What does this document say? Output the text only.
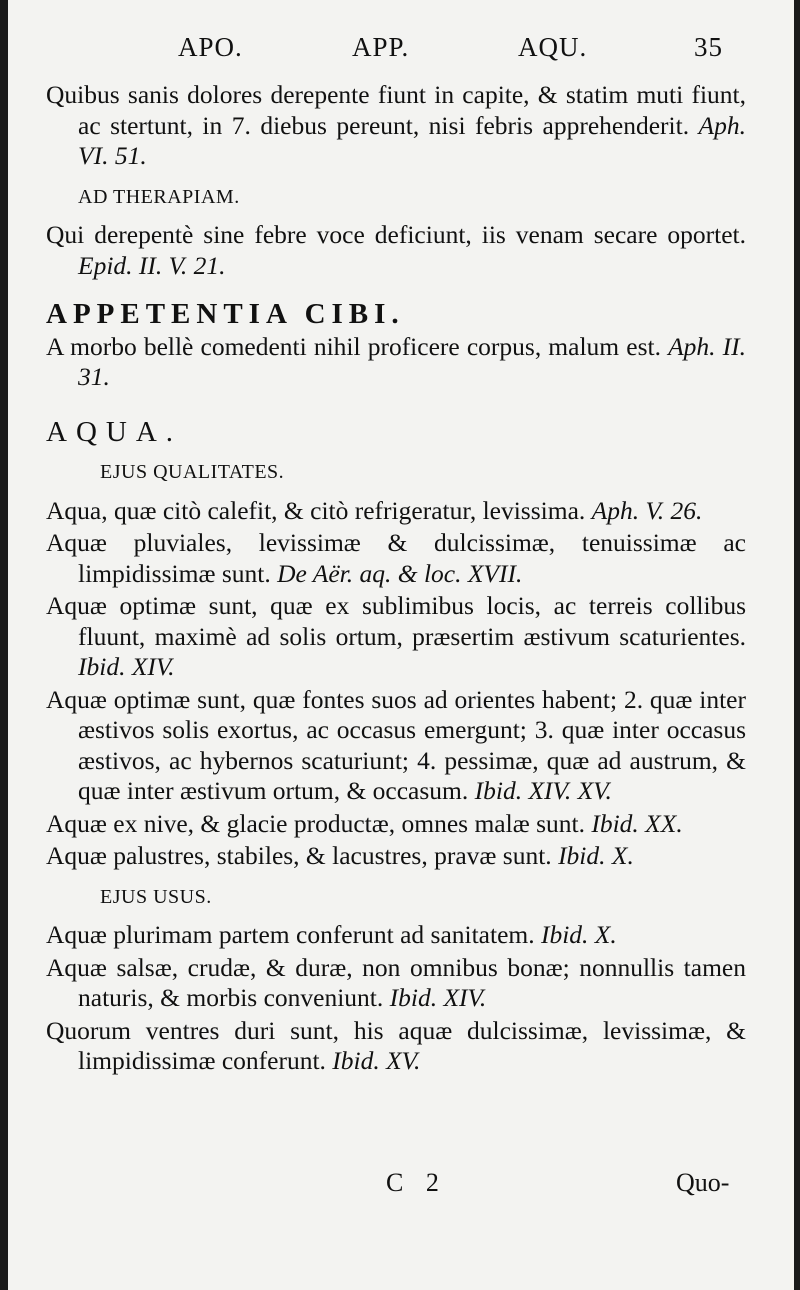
APO.	APP.	AQU.	35

Quibus sanis dolores derepente fiunt in capite, & statim muti fiunt, ac stertunt, in 7. diebus pereunt, nisi febris apprehenderit. Aph. VI. 51.

AD THERAPIAM.

Qui derepentè sine febre voce deficiunt, iis venam secare oportet. Epid. II. V. 21.

APPETENTIA CIBI.

A morbo bellè comedenti nihil proficere corpus, malum est. Aph. II. 31.

AQUA.
EJUS QUALITATES.

Aqua, quæ citò calefit, & citò refrigeratur, levissima. Aph. V. 26.

Aquæ pluviales, levissimæ & dulcissimæ, tenuissimæ ac limpidissimæ sunt. De Aër. aq. & loc. XVII.

Aquæ optimæ sunt, quæ ex sublimibus locis, ac terreis collibus fluunt, maximè ad solis ortum, præsertim æstivum scaturientes. Ibid. XIV.

Aquæ optimæ sunt, quæ fontes suos ad orientes habent; 2. quæ inter æstivos solis exortus, ac occasus emergunt; 3. quæ inter occasus æstivos, ac hybernos scaturiunt; 4. pessimæ, quæ ad austrum, & quæ inter æstivum ortum, & occasum. Ibid. XIV. XV.

Aquæ ex nive, & glacie productæ, omnes malæ sunt. Ibid. XX.

Aquæ palustres, stabiles, & lacustres, pravæ sunt. Ibid. X.

EJUS USUS.

Aquæ plurimam partem conferunt ad sanitatem. Ibid. X.

Aquæ salsæ, crudæ, & duræ, non omnibus bonæ; nonnullis tamen naturis, & morbis conveniunt. Ibid. XIV.

Quorum ventres duri sunt, his aquæ dulcissimæ, levissimæ, & limpidissimæ conferunt. Ibid. XV.

C 2	Quo-
